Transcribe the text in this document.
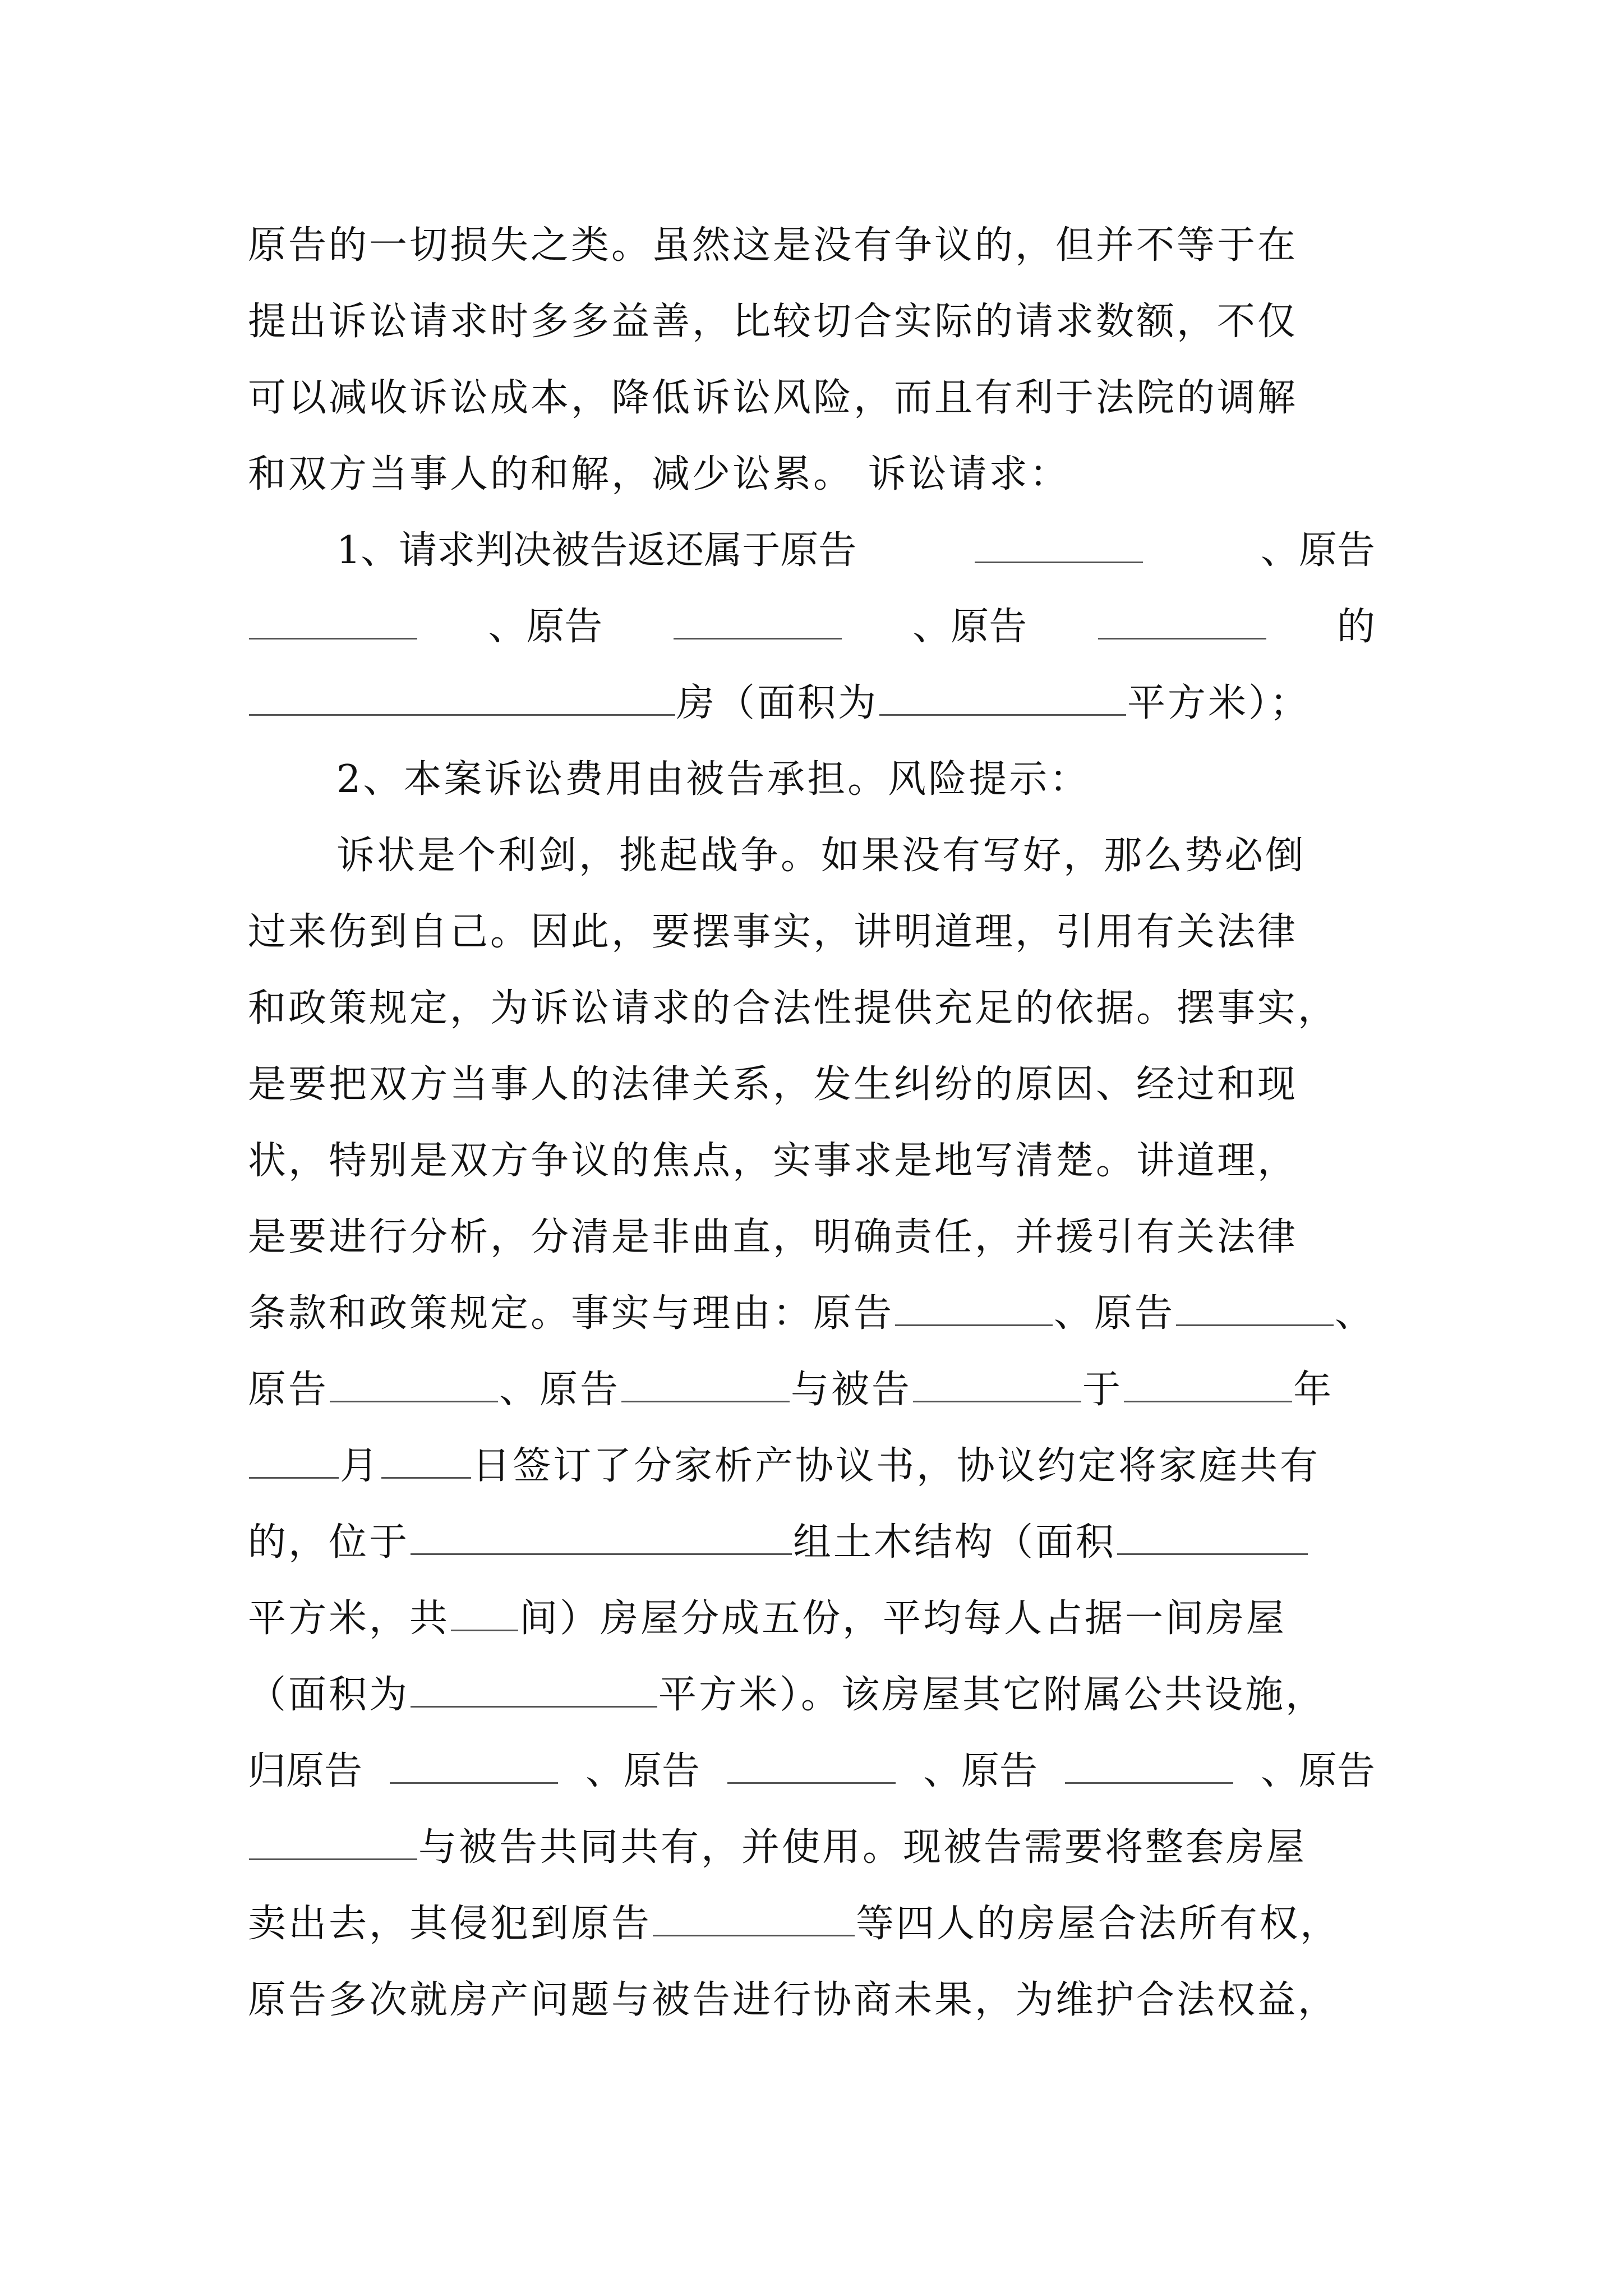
原告的一切损失之类。虽然这是没有争议的，但并不等于在
提出诉讼请求时多多益善，比较切合实际的请求数额，不仅
可以减收诉讼成本，降低诉讼风险，而且有利于法院的调解
和双方当事人的和解，减少讼累。 诉讼请求：
1、请求判决被告返还属于原告	、原告
、原告	、原告	的
房（面积为	平方米）；
2、本案诉讼费用由被告承担。风险提示：
诉状是个利剑，挑起战争。如果没有写好，那么势必倒
过来伤到自己。因此，要摆事实，讲明道理，引用有关法律
和政策规定，为诉讼请求的合法性提供充足的依据。摆事实，
是要把双方当事人的法律关系，发生纠纷的原因、经过和现
状，特别是双方争议的焦点，实事求是地写清楚。讲道理，
是要进行分析，分清是非曲直，明确责任，并援引有关法律
条款和政策规定。事实与理由：原告	、原告	、
原告	、原告	与被告	于	年
月 日签订了分家析产协议书，协议约定将家庭共有
的，位于	组土木结构（面积
平方米，共 间）房屋分成五份，平均每人占据一间房屋
（面积为	平方米）。该房屋其它附属公共设施，
归原告	、原告	、原告	、原告
与被告共同共有，并使用。现被告需要将整套房屋
卖出去，其侵犯到原告	等四人的房屋合法所有权，
原告多次就房产问题与被告进行协商未果，为维护合法权益，
